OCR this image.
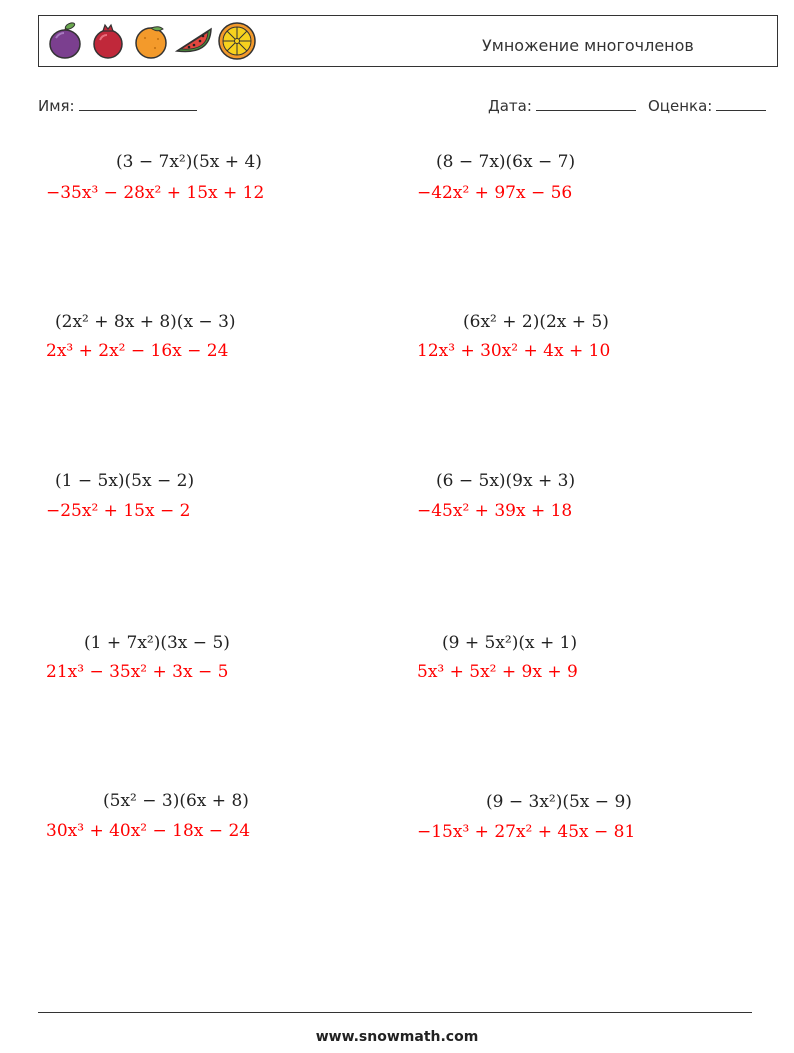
Умножение многочленов
Имя:	Дата:	Оценка:
(3 − 7x²)(5x + 4)
−35x³ − 28x² + 15x + 12
(2x² + 8x + 8)(x − 3)
2x³ + 2x² − 16x − 24
(1 − 5x)(5x − 2)
−25x² + 15x − 2
(1 + 7x²)(3x − 5)
21x³ − 35x² + 3x − 5
(5x² − 3)(6x + 8)
30x³ + 40x² − 18x − 24
(8 − 7x)(6x − 7)
−42x² + 97x − 56
(6x² + 2)(2x + 5)
12x³ + 30x² + 4x + 10
(6 − 5x)(9x + 3)
−45x² + 39x + 18
(9 + 5x²)(x + 1)
5x³ + 5x² + 9x + 9
(9 − 3x²)(5x − 9)
−15x³ + 27x² + 45x − 81
www.snowmath.com
